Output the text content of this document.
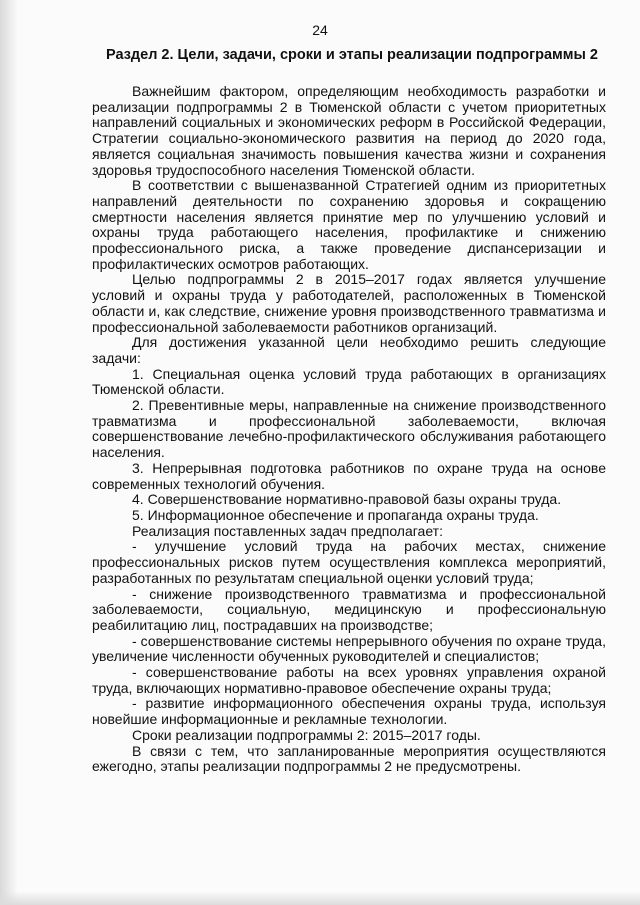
24
Раздел 2. Цели, задачи, сроки и этапы реализации подпрограммы 2

Важнейшим фактором, определяющим необходимость разработки и реализации подпрограммы 2 в Тюменской области с учетом приоритетных направлений социальных и экономических реформ в Российской Федерации, Стратегии социально-экономического развития на период до 2020 года, является социальная значимость повышения качества жизни и сохранения здоровья трудоспособного населения Тюменской области.

В соответствии с вышеназванной Стратегией одним из приоритетных направлений деятельности по сохранению здоровья и сокращению смертности населения является принятие мер по улучшению условий и охраны труда работающего населения, профилактике и снижению профессионального риска, а также проведение диспансеризации и профилактических осмотров работающих.

Целью подпрограммы 2 в 2015–2017 годах является улучшение условий и охраны труда у работодателей, расположенных в Тюменской области и, как следствие, снижение уровня производственного травматизма и профессиональной заболеваемости работников организаций.

Для достижения указанной цели необходимо решить следующие задачи:

1. Специальная оценка условий труда работающих в организациях Тюменской области.

2. Превентивные меры, направленные на снижение производственного травматизма и профессиональной заболеваемости, включая совершенствование лечебно-профилактического обслуживания работающего населения.

3. Непрерывная подготовка работников по охране труда на основе современных технологий обучения.

4. Совершенствование нормативно-правовой базы охраны труда.

5. Информационное обеспечение и пропаганда охраны труда.

Реализация поставленных задач предполагает:

- улучшение условий труда на рабочих местах, снижение профессиональных рисков путем осуществления комплекса мероприятий, разработанных по результатам специальной оценки условий труда;

- снижение производственного травматизма и профессиональной заболеваемости, социальную, медицинскую и профессиональную реабилитацию лиц, пострадавших на производстве;

- совершенствование системы непрерывного обучения по охране труда, увеличение численности обученных руководителей и специалистов;

- совершенствование работы на всех уровнях управления охраной труда, включающих нормативно-правовое обеспечение охраны труда;

- развитие информационного обеспечения охраны труда, используя новейшие информационные и рекламные технологии.

Сроки реализации подпрограммы 2: 2015–2017 годы.

В связи с тем, что запланированные мероприятия осуществляются ежегодно, этапы реализации подпрограммы 2 не предусмотрены.
